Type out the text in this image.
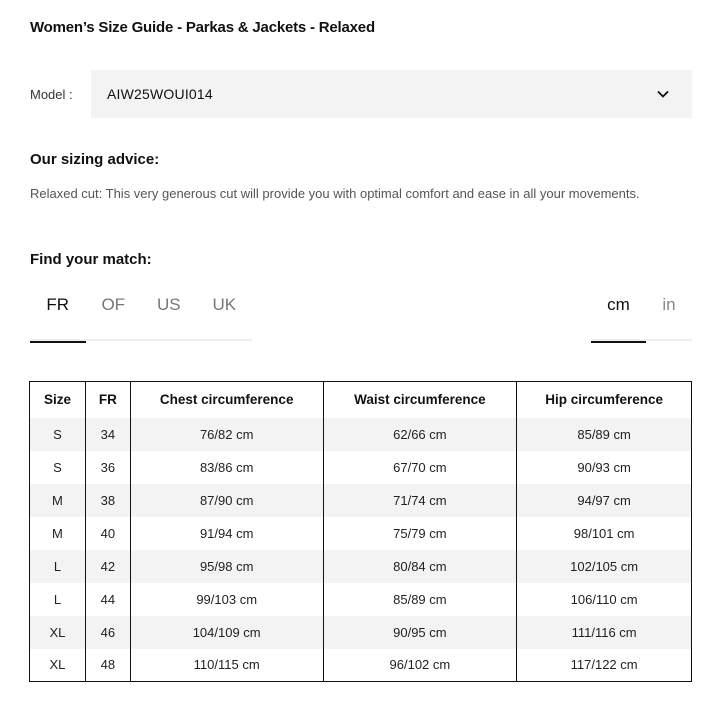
Women’s Size Guide - Parkas & Jackets - Relaxed
Model : AIW25WOUI014
Our sizing advice:
Relaxed cut: This very generous cut will provide you with optimal comfort and ease in all your movements.
Find your match:
FR OF US UK	cm in
Size	FR	Chest circumference	Waist circumference	Hip circumference
S	34	76/82 cm	62/66 cm	85/89 cm
S	36	83/86 cm	67/70 cm	90/93 cm
M	38	87/90 cm	71/74 cm	94/97 cm
M	40	91/94 cm	75/79 cm	98/101 cm
L	42	95/98 cm	80/84 cm	102/105 cm
L	44	99/103 cm	85/89 cm	106/110 cm
XL	46	104/109 cm	90/95 cm	111/116 cm
XL	48	110/115 cm	96/102 cm	117/122 cm
